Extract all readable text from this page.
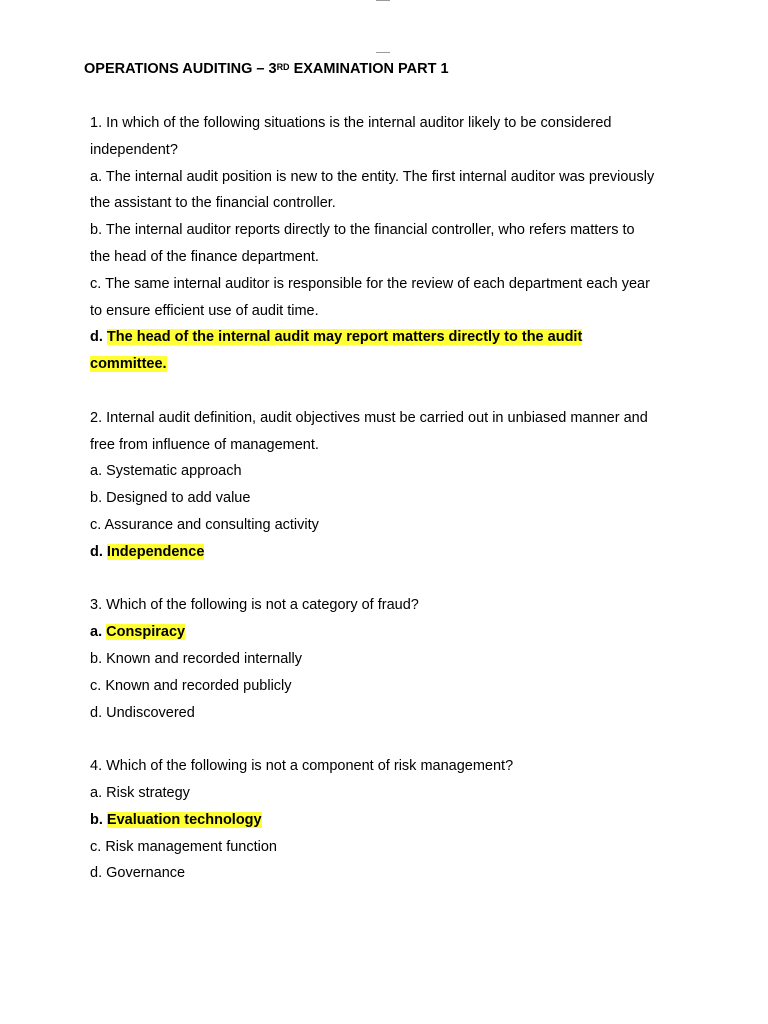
OPERATIONS AUDITING – 3RD EXAMINATION PART 1
1. In which of the following situations is the internal auditor likely to be considered
independent?
a. The internal audit position is new to the entity. The first internal auditor was previously
the assistant to the financial controller.
b. The internal auditor reports directly to the financial controller, who refers matters to
the head of the finance department.
c. The same internal auditor is responsible for the review of each department each year
to ensure efficient use of audit time.
d. The head of the internal audit may report matters directly to the audit
committee.
2. Internal audit definition, audit objectives must be carried out in unbiased manner and
free from influence of management.
a. Systematic approach
b. Designed to add value
c. Assurance and consulting activity
d. Independence
3. Which of the following is not a category of fraud?
a. Conspiracy
b. Known and recorded internally
c. Known and recorded publicly
d. Undiscovered
4. Which of the following is not a component of risk management?
a. Risk strategy
b. Evaluation technology
c. Risk management function
d. Governance
